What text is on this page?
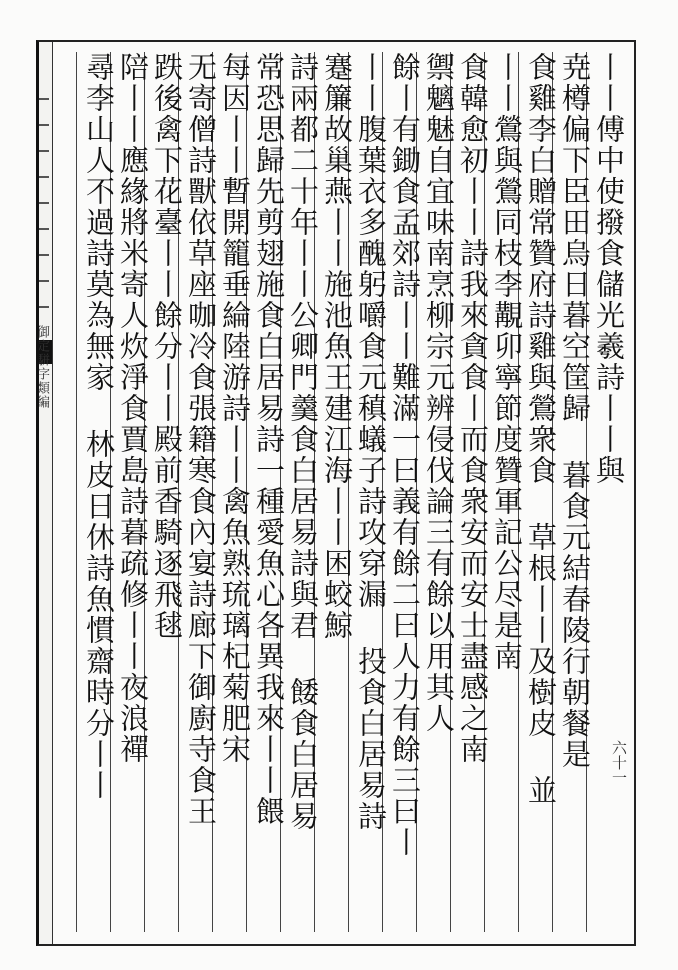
御定駢字類編	丨丨傅中使撥食儲光羲詩丨丨與
尭樽偏下臣田烏日暮空筐歸 暮食元結春陵行朝餐是
食雞李白贈常贊府詩雞與鶯衆食 草根丨丨及樹皮 並
丨丨鶯與鶯同枝李覯卯寧節度贊軍記公尽是南
食韓愈初丨丨詩我來貪食丨而食衆安而安士盡感之南
禦魑魅自宜味南烹柳宗元辨侵伐論三有餘以用其人
餘丨有鋤食孟郊詩丨丨難滿一曰義有餘二曰人力有餘三曰丨
丨丨腹葉衣多醜躬嚼食元稹蟻子詩攻穿漏 投食白居易詩
蹇簾故巢燕丨丨施池魚王建江海丨丨困蛟鯨
詩兩都二十年丨丨公卿門羹食白居易詩與君 餧食白居易
常恐思歸先剪翅施食白居易詩一種愛魚心各異我來丨丨餵
每因丨丨暫開籠垂綸陸游詩丨丨禽魚熟琉璃杞菊肥宋
无寄僧詩獸依草座咖冷食張籍寒食內宴詩廊下御廚寺食王
跌後禽下花臺丨丨餘分丨丨殿前香騎逐飛毬
陪丨丨應緣將米寄人炊淨食賈島詩暮疏修丨丨夜浪禪
尋李山人不過詩莫為無家 林皮日休詩魚慣齋時分丨丨	六十一
